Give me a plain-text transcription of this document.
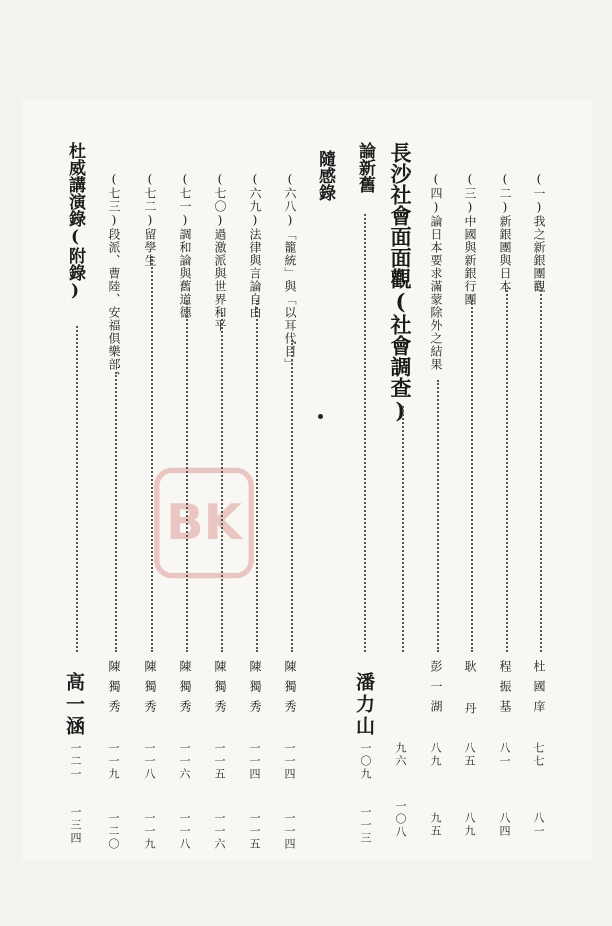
BK
(一)我之新銀團觀
杜國庠
七七
八一
(二)新銀團與日本
程振基
八一
八四
(三)中國與新銀行團
耿 丹
八五
八九
(四)論日本要求滿蒙除外之結果
彭一湖
八九
九五
長沙社會面面觀(社會調查)
九六
一〇八
論新舊
潘力山
一〇九
一一三
隨感錄
(六八)「籠統」與「以耳代目」
陳獨秀
一一四
一一四
(六九)法律與言論自由
陳獨秀
一一四
一一五
(七〇)過激派與世界和平
陳獨秀
一一五
一一六
(七一)調和論與舊道德
陳獨秀
一一六
一一八
(七二)留學生
陳獨秀
一一八
一一九
(七三)段派、曹陸、安福俱樂部、
陳獨秀
一一九
一二〇
杜威講演錄(附錄)
高一涵
一二一
一三四
